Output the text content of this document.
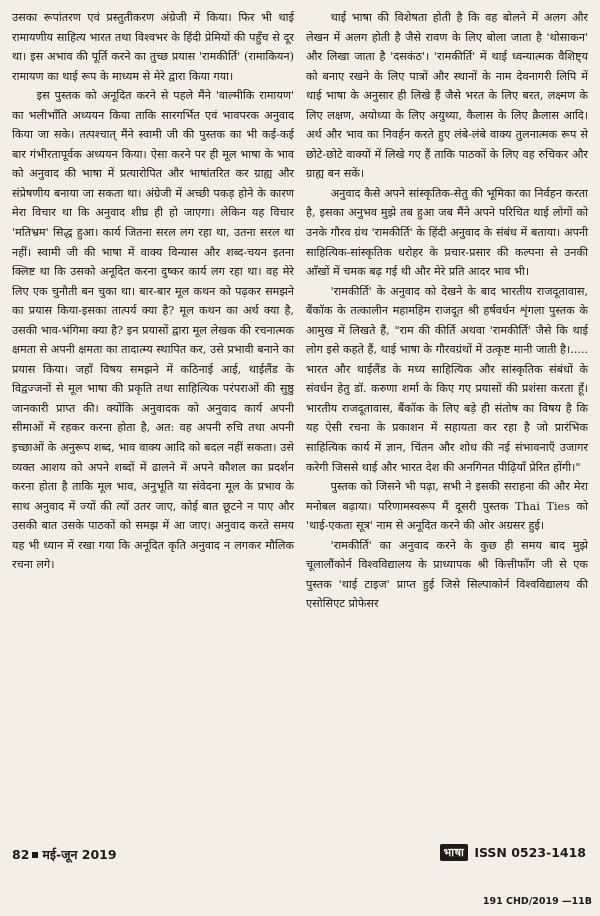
उसका रूपांतरण एवं प्रस्तुतीकरण अंग्रेजी में किया। फिर भी थाई रामायणीय साहित्य भारत तथा विश्वभर के हिंदी प्रेमियों की पहुँच से दूर था। इस अभाव की पूर्ति करने का तुच्छ प्रयास 'रामकीर्ति' (रामाकियन) रामायण का थाई रूप के माध्यम से मेरे द्वारा किया गया।

इस पुस्तक को अनूदित करने से पहले मैंने 'वाल्मीकि रामायण' का भलीभाँति अध्ययन किया ताकि सारगर्भित एवं भावपरक अनुवाद किया जा सके। तत्पश्चात् मैंने स्वामी जी की पुस्तक का भी कई-कई बार गंभीरतापूर्वक अध्ययन किया। ऐसा करने पर ही मूल भाषा के भाव को अनुवाद की भाषा में प्रत्यारोपित और भाषांतरित कर ग्राह्य और संप्रेषणीय बनाया जा सकता था। अंग्रेजी में अच्छी पकड़ होने के कारण मेरा विचार था कि अनुवाद शीघ्र ही हो जाएगा। लेकिन यह विचार 'मतिभ्रम' सिद्ध हुआ। कार्य जितना सरल लग रहा था, उतना सरल था नहीं। स्वामी जी की भाषा में वाक्य विन्यास और शब्द-चयन इतना क्लिष्ट था कि उसको अनूदित करना दुष्कर कार्य लग रहा था। वह मेरे लिए एक चुनौती बन चुका था। बार-बार मूल कथन को पढ़कर समझने का प्रयास किया-इसका तात्पर्य क्या है? मूल कथन का अर्थ क्या है, उसकी भाव-भंगिमा क्या है? इन प्रयासों द्वारा मूल लेखक की रचनात्मक क्षमता से अपनी क्षमता का तादात्म्य स्थापित कर, उसे प्रभावी बनाने का प्रयास किया। जहाँ विषय समझने में कठिनाई आई, थाईलैंड के विद्वज्जनों से मूल भाषा की प्रकृति तथा साहित्यिक परंपराओं की सुष्ठु जानकारी प्राप्त की। क्योंकि अनुवादक को अनुवाद कार्य अपनी सीमाओं में रहकर करना होता है, अत: वह अपनी रुचि तथा अपनी इच्छाओं के अनुरूप शब्द, भाव वाक्य आदि को बदल नहीं सकता। उसे व्यक्त आशय को अपने शब्दों में ढालने में अपने कौशल का प्रदर्शन करना होता है ताकि मूल भाव, अनुभूति या संवेदना मूल के प्रभाव के साथ अनुवाद में ज्यों की त्यों उतर जाए, कोई बात छूटने न पाए और उसकी बात उसके पाठकों को समझ में आ जाए। अनुवाद करते समय यह भी ध्यान में रखा गया कि अनूदित कृति अनुवाद न लगकर मौलिक रचना लगे।

थाई भाषा की विशेषता होती है कि वह बोलने में अलग और लेखन में अलग होती है जैसे रावण के लिए बोला जाता है 'थोसाकन' और लिखा जाता है 'दसकंठ'। 'रामकीर्ति' में थाई ध्वन्यात्मक वैशिष्ट्य को बनाए रखने के लिए पात्रों और स्थानों के नाम देवनागरी लिपि में थाई भाषा के अनुसार ही लिखे हैं जैसे भरत के लिए बरत, लक्ष्मण के लिए लक्षण, अयोध्या के लिए अयुथ्या, कैलास के लिए क्रैलास आदि। अर्थ और भाव का निवर्हन करते हुए लंबे-लंबे वाक्य तुलनात्मक रूप से छोटे-छोटे वाक्यों में लिखे गए हैं ताकि पाठकों के लिए वह रुचिकर और ग्राह्य बन सकें।

अनुवाद कैसे अपने सांस्कृतिक-सेतु की भूमिका का निर्वहन करता है, इसका अनुभव मुझे तब हुआ जब मैंने अपने परिचित थाई लोगों को उनके गौरव ग्रंथ 'रामकीर्ति' के हिंदी अनुवाद के संबंध में बताया। अपनी साहित्यिक-सांस्कृतिक धरोहर के प्रचार-प्रसार की कल्पना से उनकी आँखों में चमक बढ़ गई थी और मेरे प्रति आदर भाव भी।

'रामकीर्ति' के अनुवाद को देखने के बाद भारतीय राजदूतावास, बैंकॉक के तत्कालीन महामहिम राजदूत श्री हर्षवर्धन शृंगला पुस्तक के आमुख में लिखते हैं, "राम की कीर्ति अथवा 'रामकीर्ति' जैसे कि थाई लोग इसे कहते हैं, थाई भाषा के गौरवग्रंथों में उत्कृष्ट मानी जाती है।..... भारत और थाईलैंड के मध्य साहित्यिक और सांस्कृतिक संबंधों के संवर्धन हेतु डॉ. करुणा शर्मा के किए गए प्रयासों की प्रशंसा करता हूँ। भारतीय राजदूतावास, बैंकॉक के लिए बड़े ही संतोष का विषय है कि यह ऐसी रचना के प्रकाशन में सहायता कर रहा है जो प्रारंभिक साहित्यिक कार्य में ज्ञान, चिंतन और शोध की नई संभावनाएँ उजागर करेगी जिससे थाई और भारत देश की अनगिनत पीढ़ियाँ प्रेरित होंगी।"

पुस्तक को जिसने भी पढ़ा, सभी ने इसकी सराहना की और मेरा मनोबल बढ़ाया। परिणामस्वरूप मैं दूसरी पुस्तक Thai Ties को 'थाई-एकता सूत्र' नाम से अनूदित करने की ओर अग्रसर हुई।

'रामकीर्ति' का अनुवाद करने के कुछ ही समय बाद मुझे चूलालौंकोर्न विश्वविद्यालय के प्राध्यापक श्री कित्तीफॉंग जी से एक पुस्तक 'थाई टाइज' प्राप्त हुई जिसे सिल्पाकोर्न विश्वविद्यालय की एसोसिएट प्रोफेसर

82 मई-जून 2019	भाषा ISSN 0523-1418
191 CHD/2019 —11B
